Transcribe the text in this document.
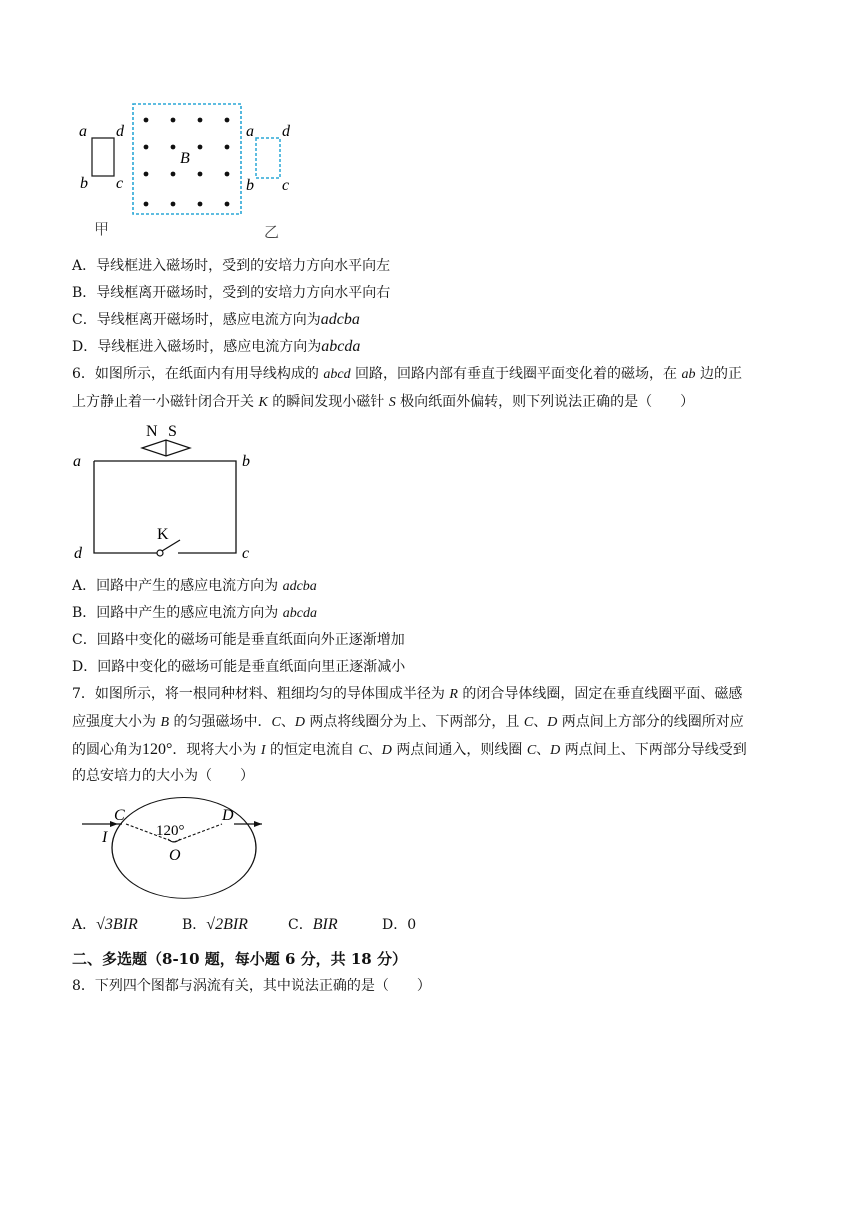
a d
b c
B
a d
b c
甲	乙
A．导线框进入磁场时，受到的安培力方向水平向左
B．导线框离开磁场时，受到的安培力方向水平向右
C．导线框离开磁场时，感应电流方向为adcba
D．导线框进入磁场时，感应电流方向为abcda
6．如图所示，在纸面内有用导线构成的 abcd 回路，回路内部有垂直于线圈平面变化着的磁场，在 ab 边的正
上方静止着一小磁针闭合开关 K 的瞬间发现小磁针 S 极向纸面外偏转，则下列说法正确的是（　　）
N S
K
a	b
d	c
A．回路中产生的感应电流方向为 adcba
B．回路中产生的感应电流方向为 abcda
C．回路中变化的磁场可能是垂直纸面向外正逐渐增加
D．回路中变化的磁场可能是垂直纸面向里正逐渐减小
7．如图所示，将一根同种材料、粗细均匀的导体围成半径为 R 的闭合导体线圈，固定在垂直线圈平面、磁感
应强度大小为 B 的匀强磁场中．C、D 两点将线圈分为上、下两部分，且 C、D 两点间上方部分的线圈所对应
的圆心角为120°．现将大小为 I 的恒定电流自 C、D 两点间通入，则线圈 C、D 两点间上、下两部分导线受到
的总安培力的大小为（　　）
C	D
I
O
120°
A．√3BIR	B．√2BIR	C．BIR	D．0
二、多选题（8-10 题，每小题 6 分，共 18 分）
8．下列四个图都与涡流有关，其中说法正确的是（　　）
